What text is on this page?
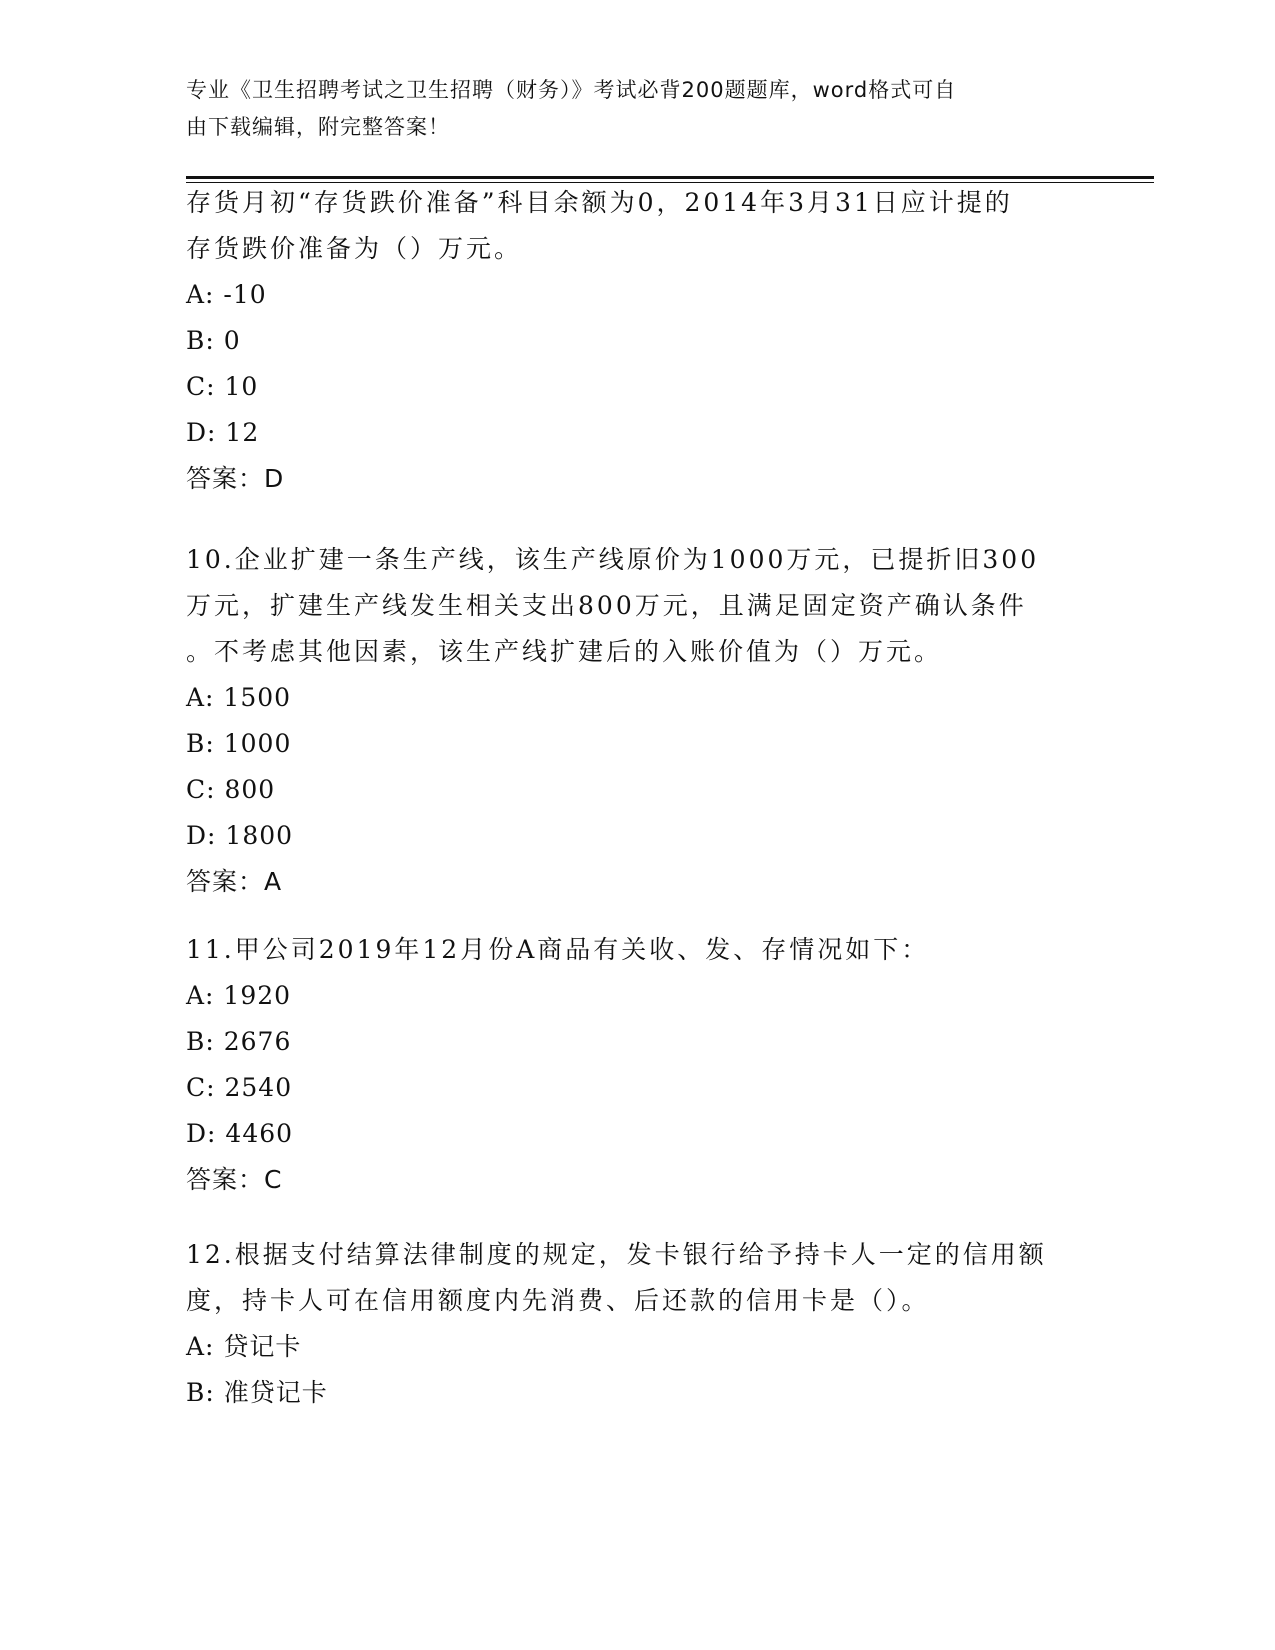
专业《卫生招聘考试之卫生招聘（财务）》考试必背200题题库，word格式可自
由下载编辑，附完整答案！
存货月初“存货跌价准备”科目余额为0，2014年3月31日应计提的
存货跌价准备为（）万元。
A: -10
B: 0
C: 10
D: 12
答案：D
10.企业扩建一条生产线，该生产线原价为1000万元，已提折旧300
万元，扩建生产线发生相关支出800万元，且满足固定资产确认条件
。不考虑其他因素，该生产线扩建后的入账价值为（）万元。
A: 1500
B: 1000
C: 800
D: 1800
答案：A
11.甲公司2019年12月份A商品有关收、发、存情况如下：
A: 1920
B: 2676
C: 2540
D: 4460
答案：C
12.根据支付结算法律制度的规定，发卡银行给予持卡人一定的信用额
度，持卡人可在信用额度内先消费、后还款的信用卡是（）。
A: 贷记卡
B: 准贷记卡
